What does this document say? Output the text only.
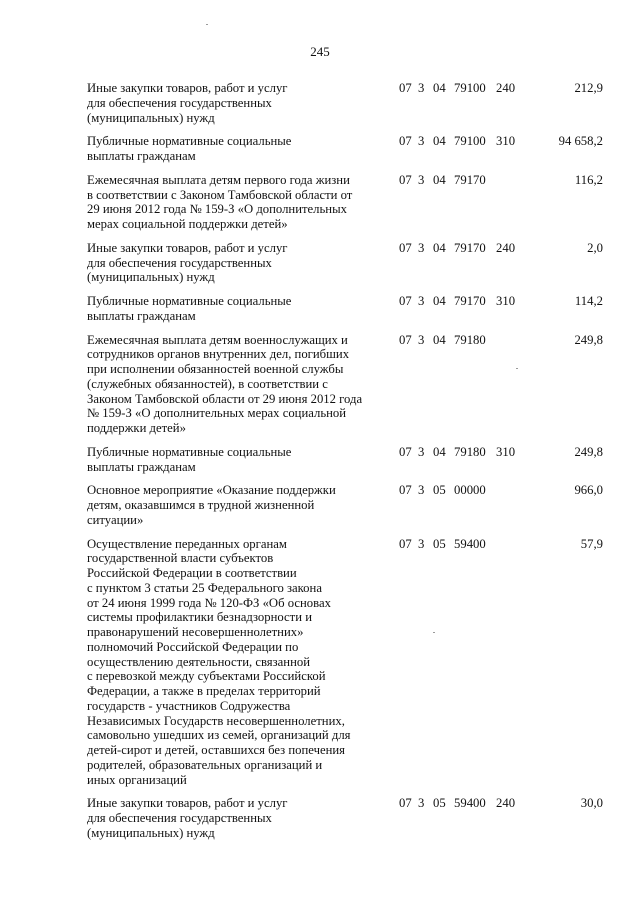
245
Иные закупки товаров, работ и услуг
для обеспечения государственных
(муниципальных) нужд
07 3 04 79100 240	212,9
Публичные нормативные социальные
выплаты гражданам
07 3 04 79100 310	94 658,2
Ежемесячная выплата детям первого года жизни
в соответствии с Законом Тамбовской области от
29 июня 2012 года № 159-З «О дополнительных
мерах социальной поддержки детей»
07 3 04 79170	116,2
Иные закупки товаров, работ и услуг
для обеспечения государственных
(муниципальных) нужд
07 3 04 79170 240	2,0
Публичные нормативные социальные
выплаты гражданам
07 3 04 79170 310	114,2
Ежемесячная выплата детям военнослужащих и
сотрудников органов внутренних дел, погибших
при исполнении обязанностей военной службы
(служебных обязанностей), в соответствии с
Законом Тамбовской области от 29 июня 2012 года
№ 159-З «О дополнительных мерах социальной
поддержки детей»
07 3 04 79180	249,8
Публичные нормативные социальные
выплаты гражданам
07 3 04 79180 310	249,8
Основное мероприятие «Оказание поддержки
детям, оказавшимся в трудной жизненной
ситуации»
07 3 05 00000	966,0
Осуществление переданных органам
государственной власти субъектов
Российской Федерации в соответствии
с пунктом 3 статьи 25 Федерального закона
от 24 июня 1999 года № 120-ФЗ «Об основах
системы профилактики безнадзорности и
правонарушений несовершеннолетних»
полномочий Российской Федерации по
осуществлению деятельности, связанной
с перевозкой между субъектами Российской
Федерации, а также в пределах территорий
государств - участников Содружества
Независимых Государств несовершеннолетних,
самовольно ушедших из семей, организаций для
детей-сирот и детей, оставшихся без попечения
родителей, образовательных организаций и
иных организаций
07 3 05 59400	57,9
Иные закупки товаров, работ и услуг
для обеспечения государственных
(муниципальных) нужд
07 3 05 59400 240	30,0
